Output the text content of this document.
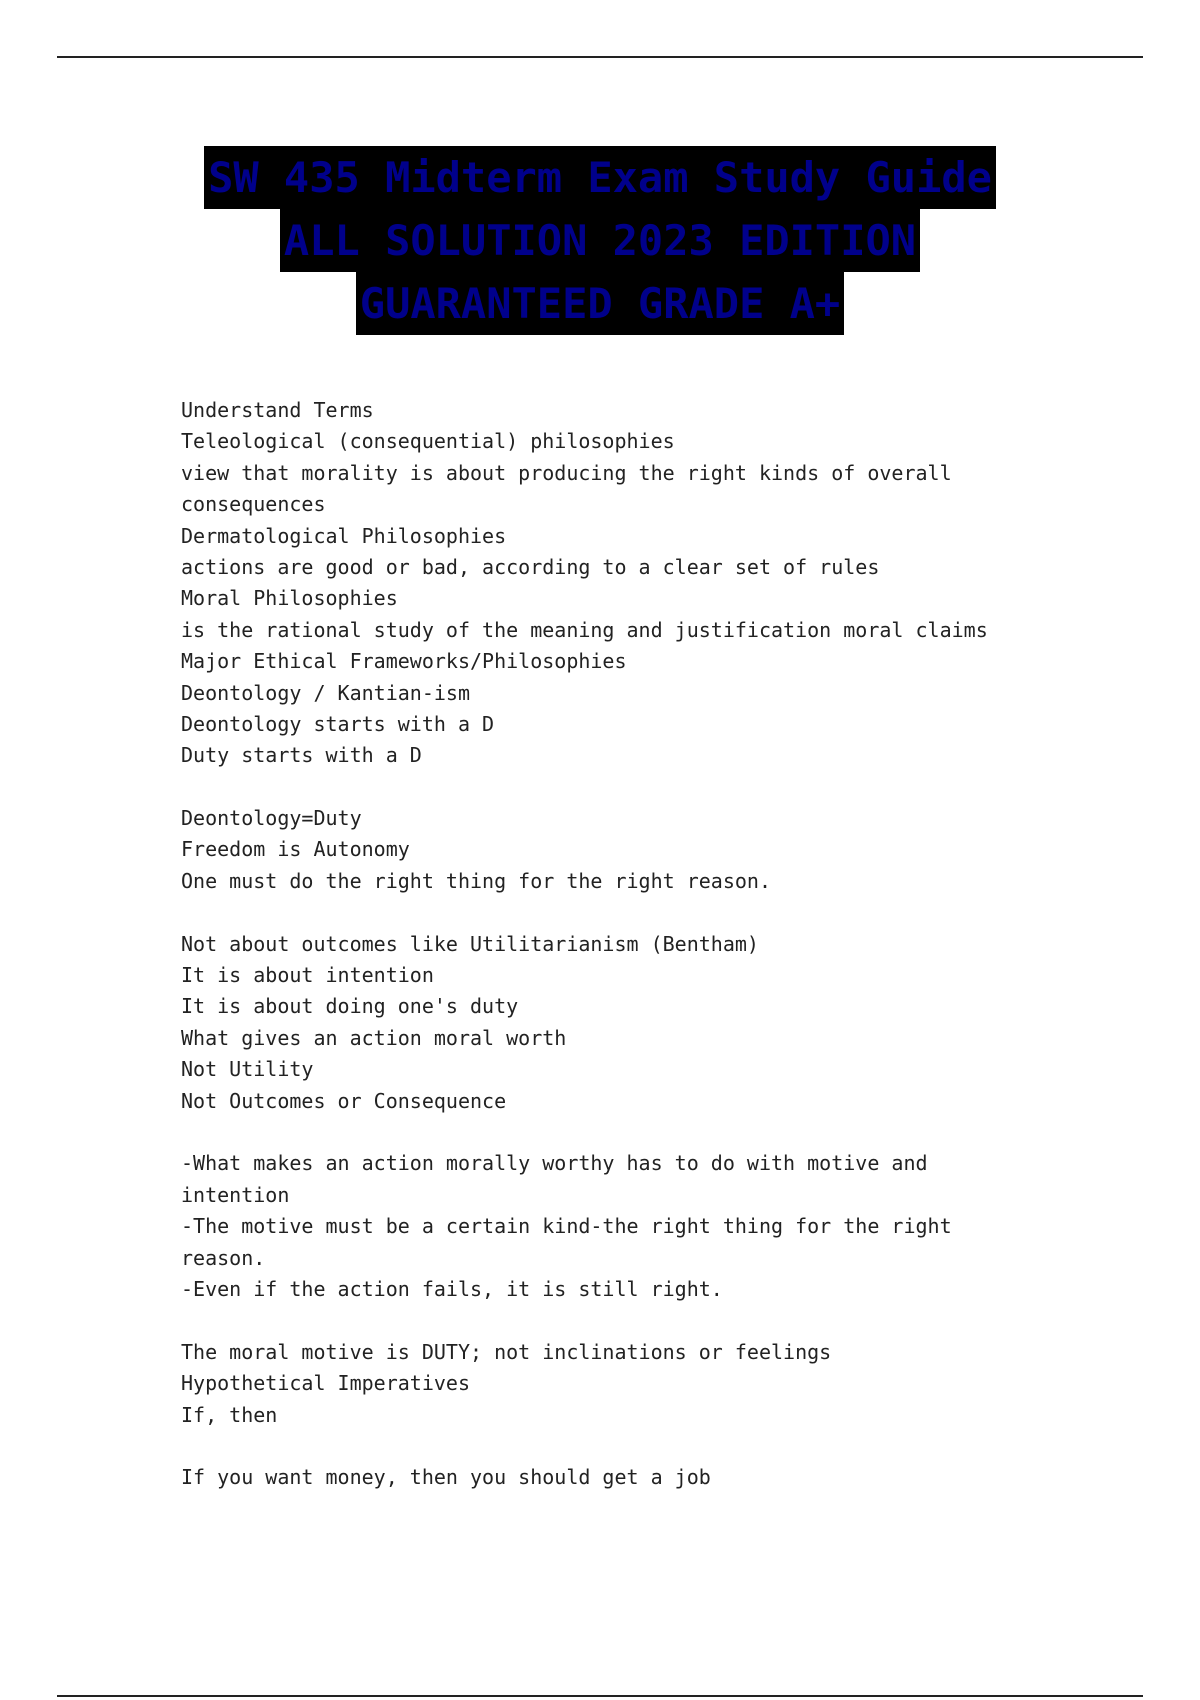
SW 435 Midterm Exam Study Guide
ALL SOLUTION 2023 EDITION
GUARANTEED GRADE A+
Understand Terms
Teleological (consequential) philosophies
view that morality is about producing the right kinds of overall
consequences
Dermatological Philosophies
actions are good or bad, according to a clear set of rules
Moral Philosophies
is the rational study of the meaning and justification moral claims
Major Ethical Frameworks/Philosophies
Deontology / Kantian-ism
Deontology starts with a D
Duty starts with a D
Deontology=Duty
Freedom is Autonomy
One must do the right thing for the right reason.
Not about outcomes like Utilitarianism (Bentham)
It is about intention
It is about doing one's duty
What gives an action moral worth
Not Utility
Not Outcomes or Consequence
-What makes an action morally worthy has to do with motive and
intention
-The motive must be a certain kind-the right thing for the right
reason.
-Even if the action fails, it is still right.
The moral motive is DUTY; not inclinations or feelings
Hypothetical Imperatives
If, then
If you want money, then you should get a job
